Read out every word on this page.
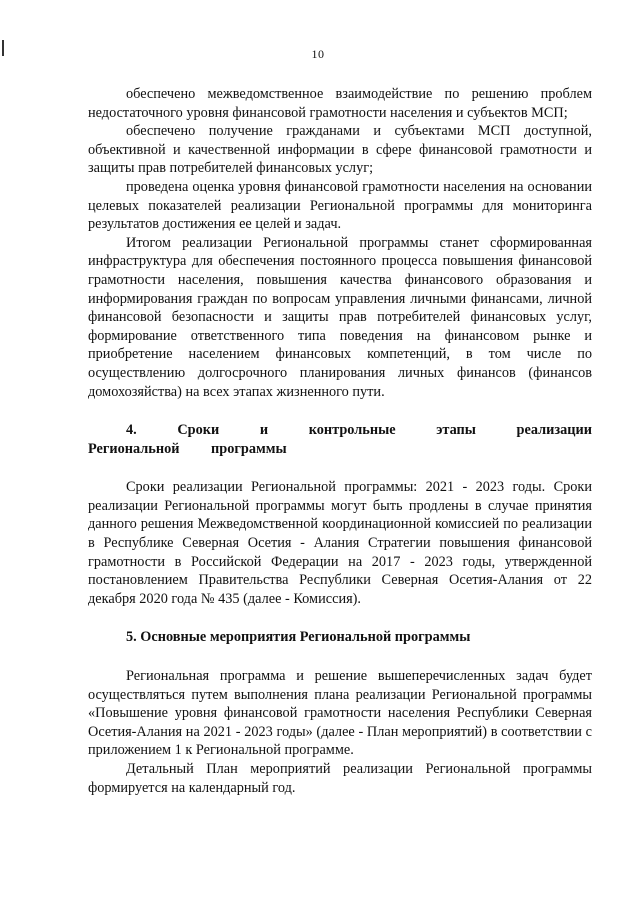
10

обеспечено межведомственное взаимодействие по решению проблем недостаточного уровня финансовой грамотности населения и субъектов МСП;

обеспечено получение гражданами и субъектами МСП доступной, объективной и качественной информации в сфере финансовой грамотности и защиты прав потребителей финансовых услуг;

проведена оценка уровня финансовой грамотности населения на основании целевых показателей реализации Региональной программы для мониторинга результатов достижения ее целей и задач.

Итогом реализации Региональной программы станет сформированная инфраструктура для обеспечения постоянного процесса повышения финансовой грамотности населения, повышения качества финансового образования и информирования граждан по вопросам управления личными финансами, личной финансовой безопасности и защиты прав потребителей финансовых услуг, формирование ответственного типа поведения на финансовом рынке и приобретение населением финансовых компетенций, в том числе по осуществлению долгосрочного планирования личных финансов (финансов домохозяйства) на всех этапах жизненного пути.

4. Сроки и контрольные этапы реализации Региональной программы

Сроки реализации Региональной программы: 2021 - 2023 годы. Сроки реализации Региональной программы могут быть продлены в случае принятия данного решения Межведомственной координационной комиссией по реализации в Республике Северная Осетия - Алания Стратегии повышения финансовой грамотности в Российской Федерации на 2017 - 2023 годы, утвержденной постановлением Правительства Республики Северная Осетия-Алания от 22 декабря 2020 года № 435 (далее - Комиссия).

5. Основные мероприятия Региональной программы

Региональная программа и решение вышеперечисленных задач будет осуществляться путем выполнения плана реализации Региональной программы «Повышение уровня финансовой грамотности населения Республики Северная Осетия-Алания на 2021 - 2023 годы» (далее - План мероприятий) в соответствии с приложением 1 к Региональной программе.

Детальный План мероприятий реализации Региональной программы формируется на календарный год.
